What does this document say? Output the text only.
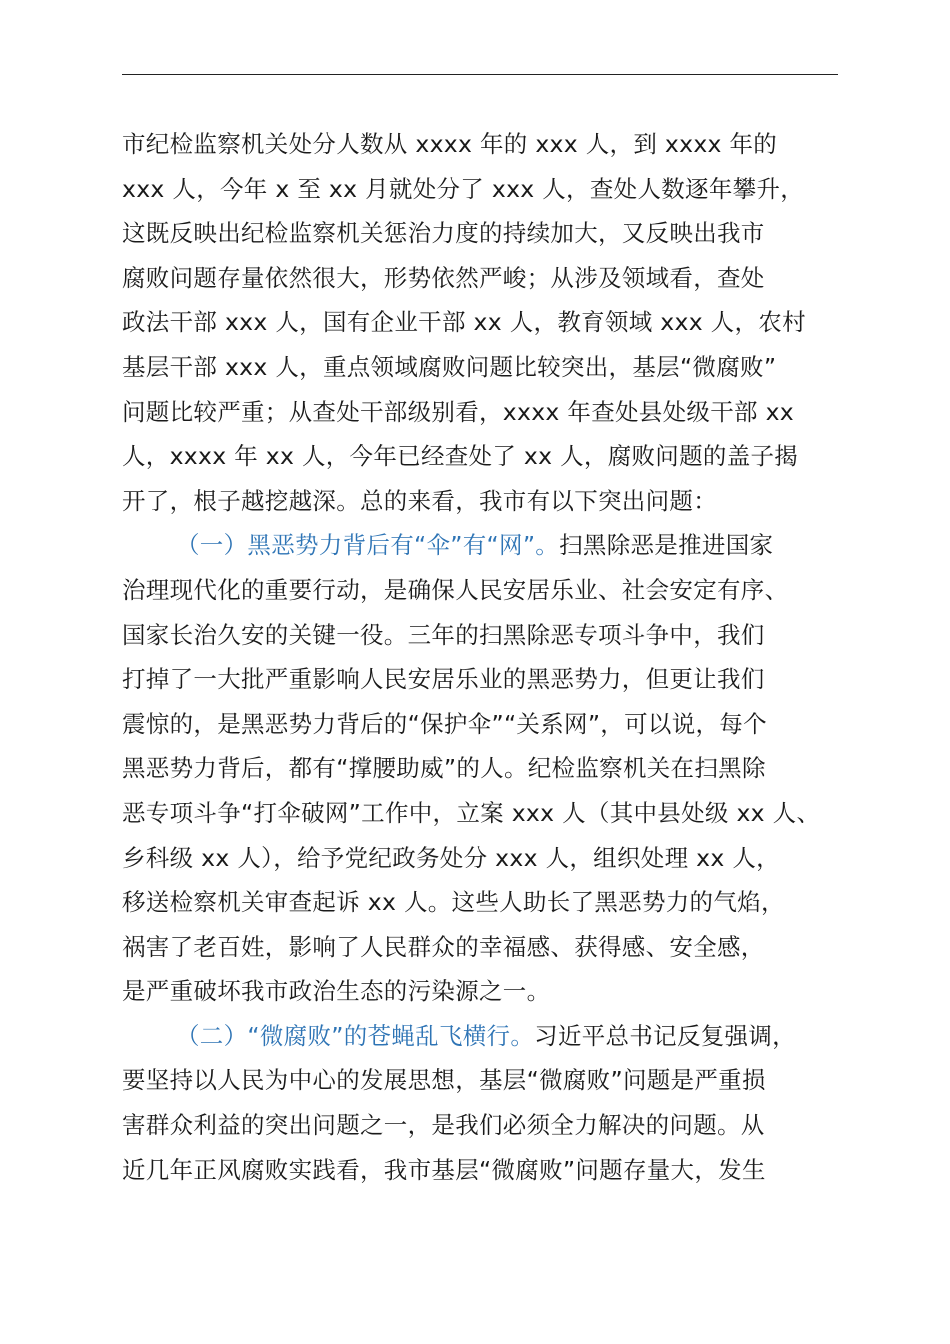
市纪检监察机关处分人数从 xxxx 年的 xxx 人，到 xxxx 年的
xxx 人，今年 x 至 xx 月就处分了 xxx 人，查处人数逐年攀升，
这既反映出纪检监察机关惩治力度的持续加大，又反映出我市
腐败问题存量依然很大，形势依然严峻；从涉及领域看，查处
政法干部 xxx 人，国有企业干部 xx 人，教育领域 xxx 人，农村
基层干部 xxx 人，重点领域腐败问题比较突出，基层“微腐败”
问题比较严重；从查处干部级别看，xxxx 年查处县处级干部 xx
人，xxxx 年 xx 人，今年已经查处了 xx 人，腐败问题的盖子揭
开了，根子越挖越深。总的来看，我市有以下突出问题：
（一）黑恶势力背后有“伞”有“网”。扫黑除恶是推进国家
治理现代化的重要行动，是确保人民安居乐业、社会安定有序、
国家长治久安的关键一役。三年的扫黑除恶专项斗争中，我们
打掉了一大批严重影响人民安居乐业的黑恶势力，但更让我们
震惊的，是黑恶势力背后的“保护伞”“关系网”，可以说，每个
黑恶势力背后，都有“撑腰助威”的人。纪检监察机关在扫黑除
恶专项斗争“打伞破网”工作中，立案 xxx 人（其中县处级 xx 人、
乡科级 xx 人），给予党纪政务处分 xxx 人，组织处理 xx 人，
移送检察机关审查起诉 xx 人。这些人助长了黑恶势力的气焰，
祸害了老百姓，影响了人民群众的幸福感、获得感、安全感，
是严重破坏我市政治生态的污染源之一。
（二）“微腐败”的苍蝇乱飞横行。习近平总书记反复强调，
要坚持以人民为中心的发展思想，基层“微腐败”问题是严重损
害群众利益的突出问题之一，是我们必须全力解决的问题。从
近几年正风腐败实践看，我市基层“微腐败”问题存量大，发生
